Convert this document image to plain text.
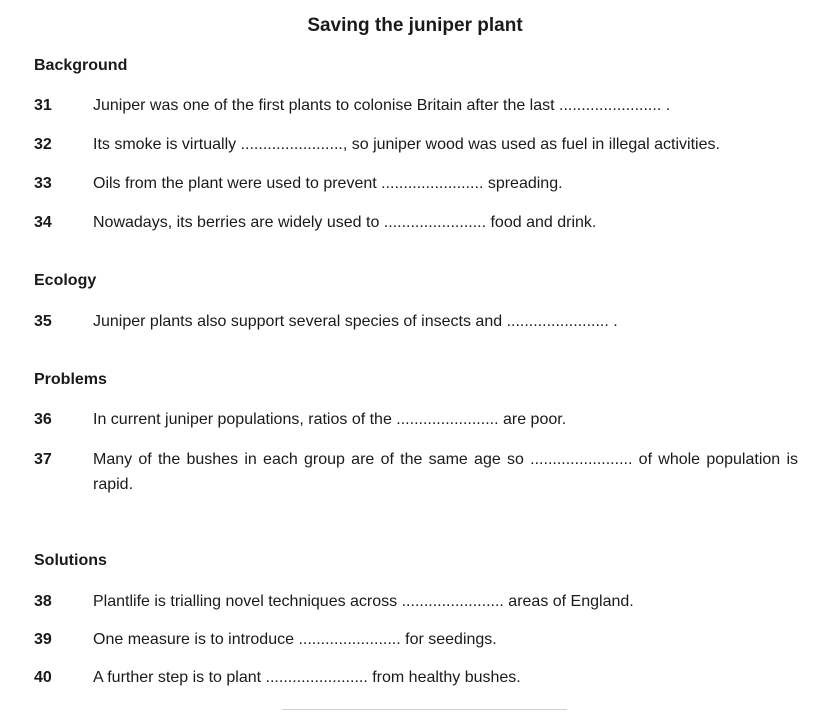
Saving the juniper plant
Background
31	Juniper was one of the first plants to colonise Britain after the last ....................... .
32	Its smoke is virtually ......................., so juniper wood was used as fuel in illegal activities.
33	Oils from the plant were used to prevent ....................... spreading.
34	Nowadays, its berries are widely used to ....................... food and drink.
Ecology
35	Juniper plants also support several species of insects and ....................... .
Problems
36	In current juniper populations, ratios of the ....................... are poor.
37	Many of the bushes in each group are of the same age so ....................... of whole population is rapid.
Solutions
38	Plantlife is trialling novel techniques across ....................... areas of England.
39	One measure is to introduce ....................... for seedings.
40	A further step is to plant ....................... from healthy bushes.
